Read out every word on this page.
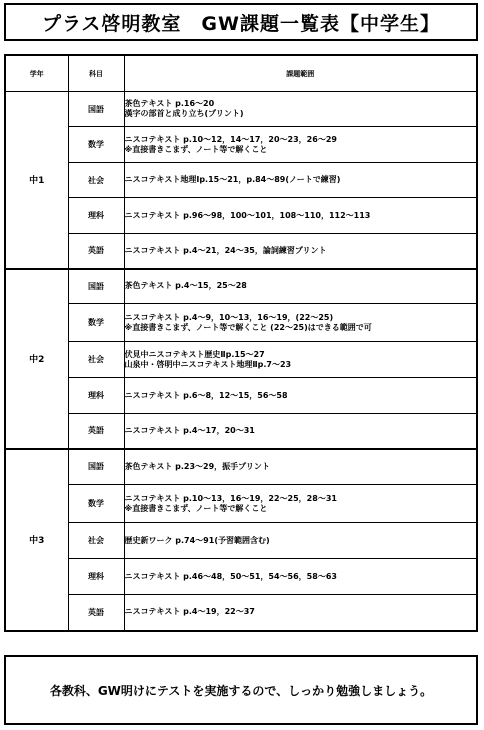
プラス啓明教室　GW課題一覧表【中学生】
学年	科目	課題範囲
中1	国語	茶色テキスト p.16～20
漢字の部首と成り立ち(プリント)

	数学	ニスコテキスト p.10～12，14～17，20～23，26～29
※直接書きこまず、ノート等で解くこと

	社会	ニスコテキスト地理Ⅰp.15～21，p.84～89(ノートで練習)

	理科	ニスコテキスト p.96～98，100～101，108～110，112～113

	英語	ニスコテキスト p.4～21，24～35，論詞練習プリント

中2	国語	茶色テキスト p.4～15，25～28

	数学	ニスコテキスト p.4～9，10～13，16～19，(22～25)
※直接書きこまず、ノート等で解くこと (22～25)はできる範囲で可

	社会	伏見中ニスコテキスト歴史Ⅱp.15～27
山泉中・啓明中ニスコテキスト地理Ⅱp.7～23

	理科	ニスコテキスト p.6～8，12～15，56～58

	英語	ニスコテキスト p.4～17，20～31

中3	国語	茶色テキスト p.23～29，振手プリント

	数学	ニスコテキスト p.10～13，16～19，22～25，28～31
※直接書きこまず、ノート等で解くこと

	社会	歴史新ワーク p.74～91(予習範囲含む)

	理科	ニスコテキスト p.46～48，50～51，54～56，58～63

	英語	ニスコテキスト p.4～19，22～37
各教科、GW明けにテストを実施するので、しっかり勉強しましょう。
